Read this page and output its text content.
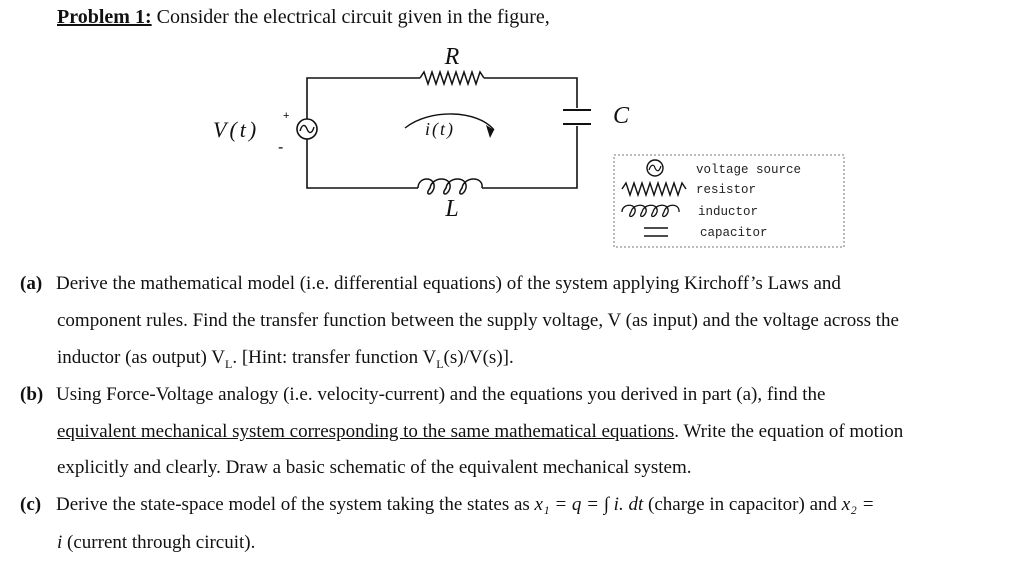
Problem 1: Consider the electrical circuit given in the figure,
R
C
L
V(t)	i(t)
+
-
voltage source
resistor
inductor
capacitor
(a) Derive the mathematical model (i.e. differential equations) of the system applying Kirchoff’s Laws and
component rules. Find the transfer function between the supply voltage, V (as input) and the voltage across the
inductor (as output) $V_L$. [Hint: transfer function $V_L(s)/V(s)$].
(b) Using Force-Voltage analogy (i.e. velocity-current) and the equations you derived in part (a), find the
equivalent mechanical system corresponding to the same mathematical equations. Write the equation of motion
explicitly and clearly. Draw a basic schematic of the equivalent mechanical system.
(c) Derive the state-space model of the system taking the states as x₁ = q = ∫ i. dt (charge in capacitor) and x₂ =
i (current through circuit).
